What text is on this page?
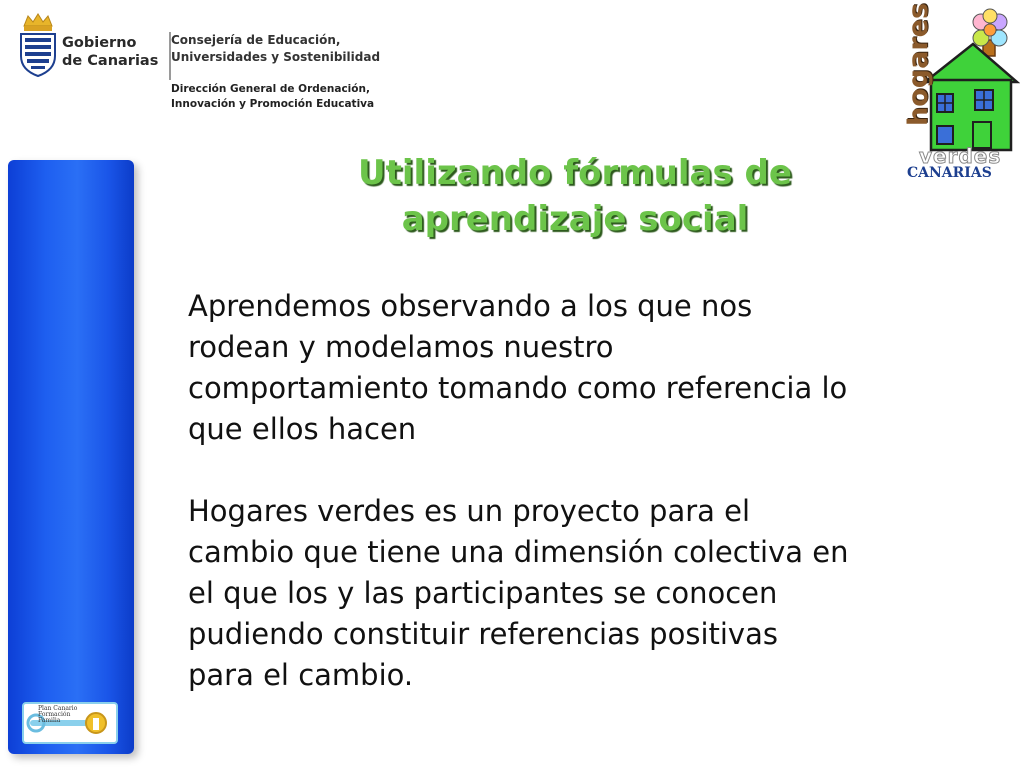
Gobierno
de Canarias
Consejería de Educación,
Universidades y Sostenibilidad
Dirección General de Ordenación,
Innovación y Promoción Educativa	hogares
verdes
CANARIAS
Utilizando fórmulas de
aprendizaje social
Aprendemos observando a los que nos
rodean y modelamos nuestro
comportamiento tomando como referencia lo
que ellos hacen
Hogares verdes es un proyecto para el
cambio que tiene una dimensión colectiva en
el que los y las participantes se conocen
pudiendo constituir referencias positivas
para el cambio.
Plan Canario
Formación
Familia
